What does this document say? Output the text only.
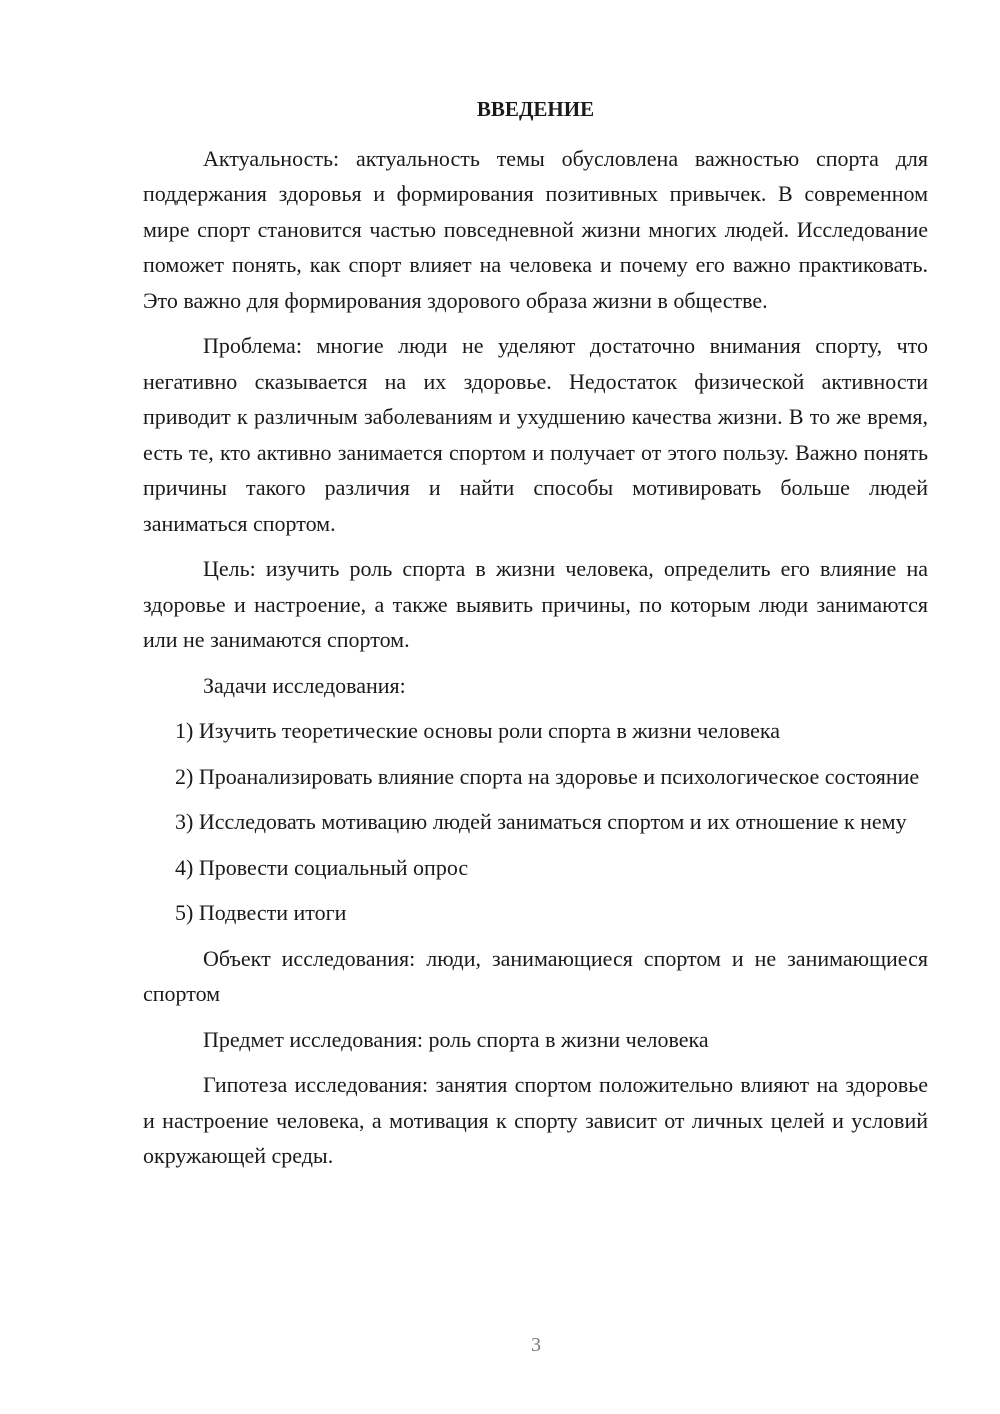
ВВЕДЕНИЕ

Актуальность: актуальность темы обусловлена важностью спорта для поддержания здоровья и формирования позитивных привычек. В современном мире спорт становится частью повседневной жизни многих людей. Исследование поможет понять, как спорт влияет на человека и почему его важно практиковать. Это важно для формирования здорового образа жизни в обществе.

Проблема: многие люди не уделяют достаточно внимания спорту, что негативно сказывается на их здоровье. Недостаток физической активности приводит к различным заболеваниям и ухудшению качества жизни. В то же время, есть те, кто активно занимается спортом и получает от этого пользу. Важно понять причины такого различия и найти способы мотивировать больше людей заниматься спортом.

Цель: изучить роль спорта в жизни человека, определить его влияние на здоровье и настроение, а также выявить причины, по которым люди занимаются или не занимаются спортом.

Задачи исследования:

1) Изучить теоретические основы роли спорта в жизни человека

2) Проанализировать влияние спорта на здоровье и психологическое состояние

3) Исследовать мотивацию людей заниматься спортом и их отношение к нему

4) Провести социальный опрос

5) Подвести итоги

Объект исследования: люди, занимающиеся спортом и не занимающиеся спортом

Предмет исследования: роль спорта в жизни человека

Гипотеза исследования: занятия спортом положительно влияют на здоровье и настроение человека, а мотивация к спорту зависит от личных целей и условий окружающей среды.

3
